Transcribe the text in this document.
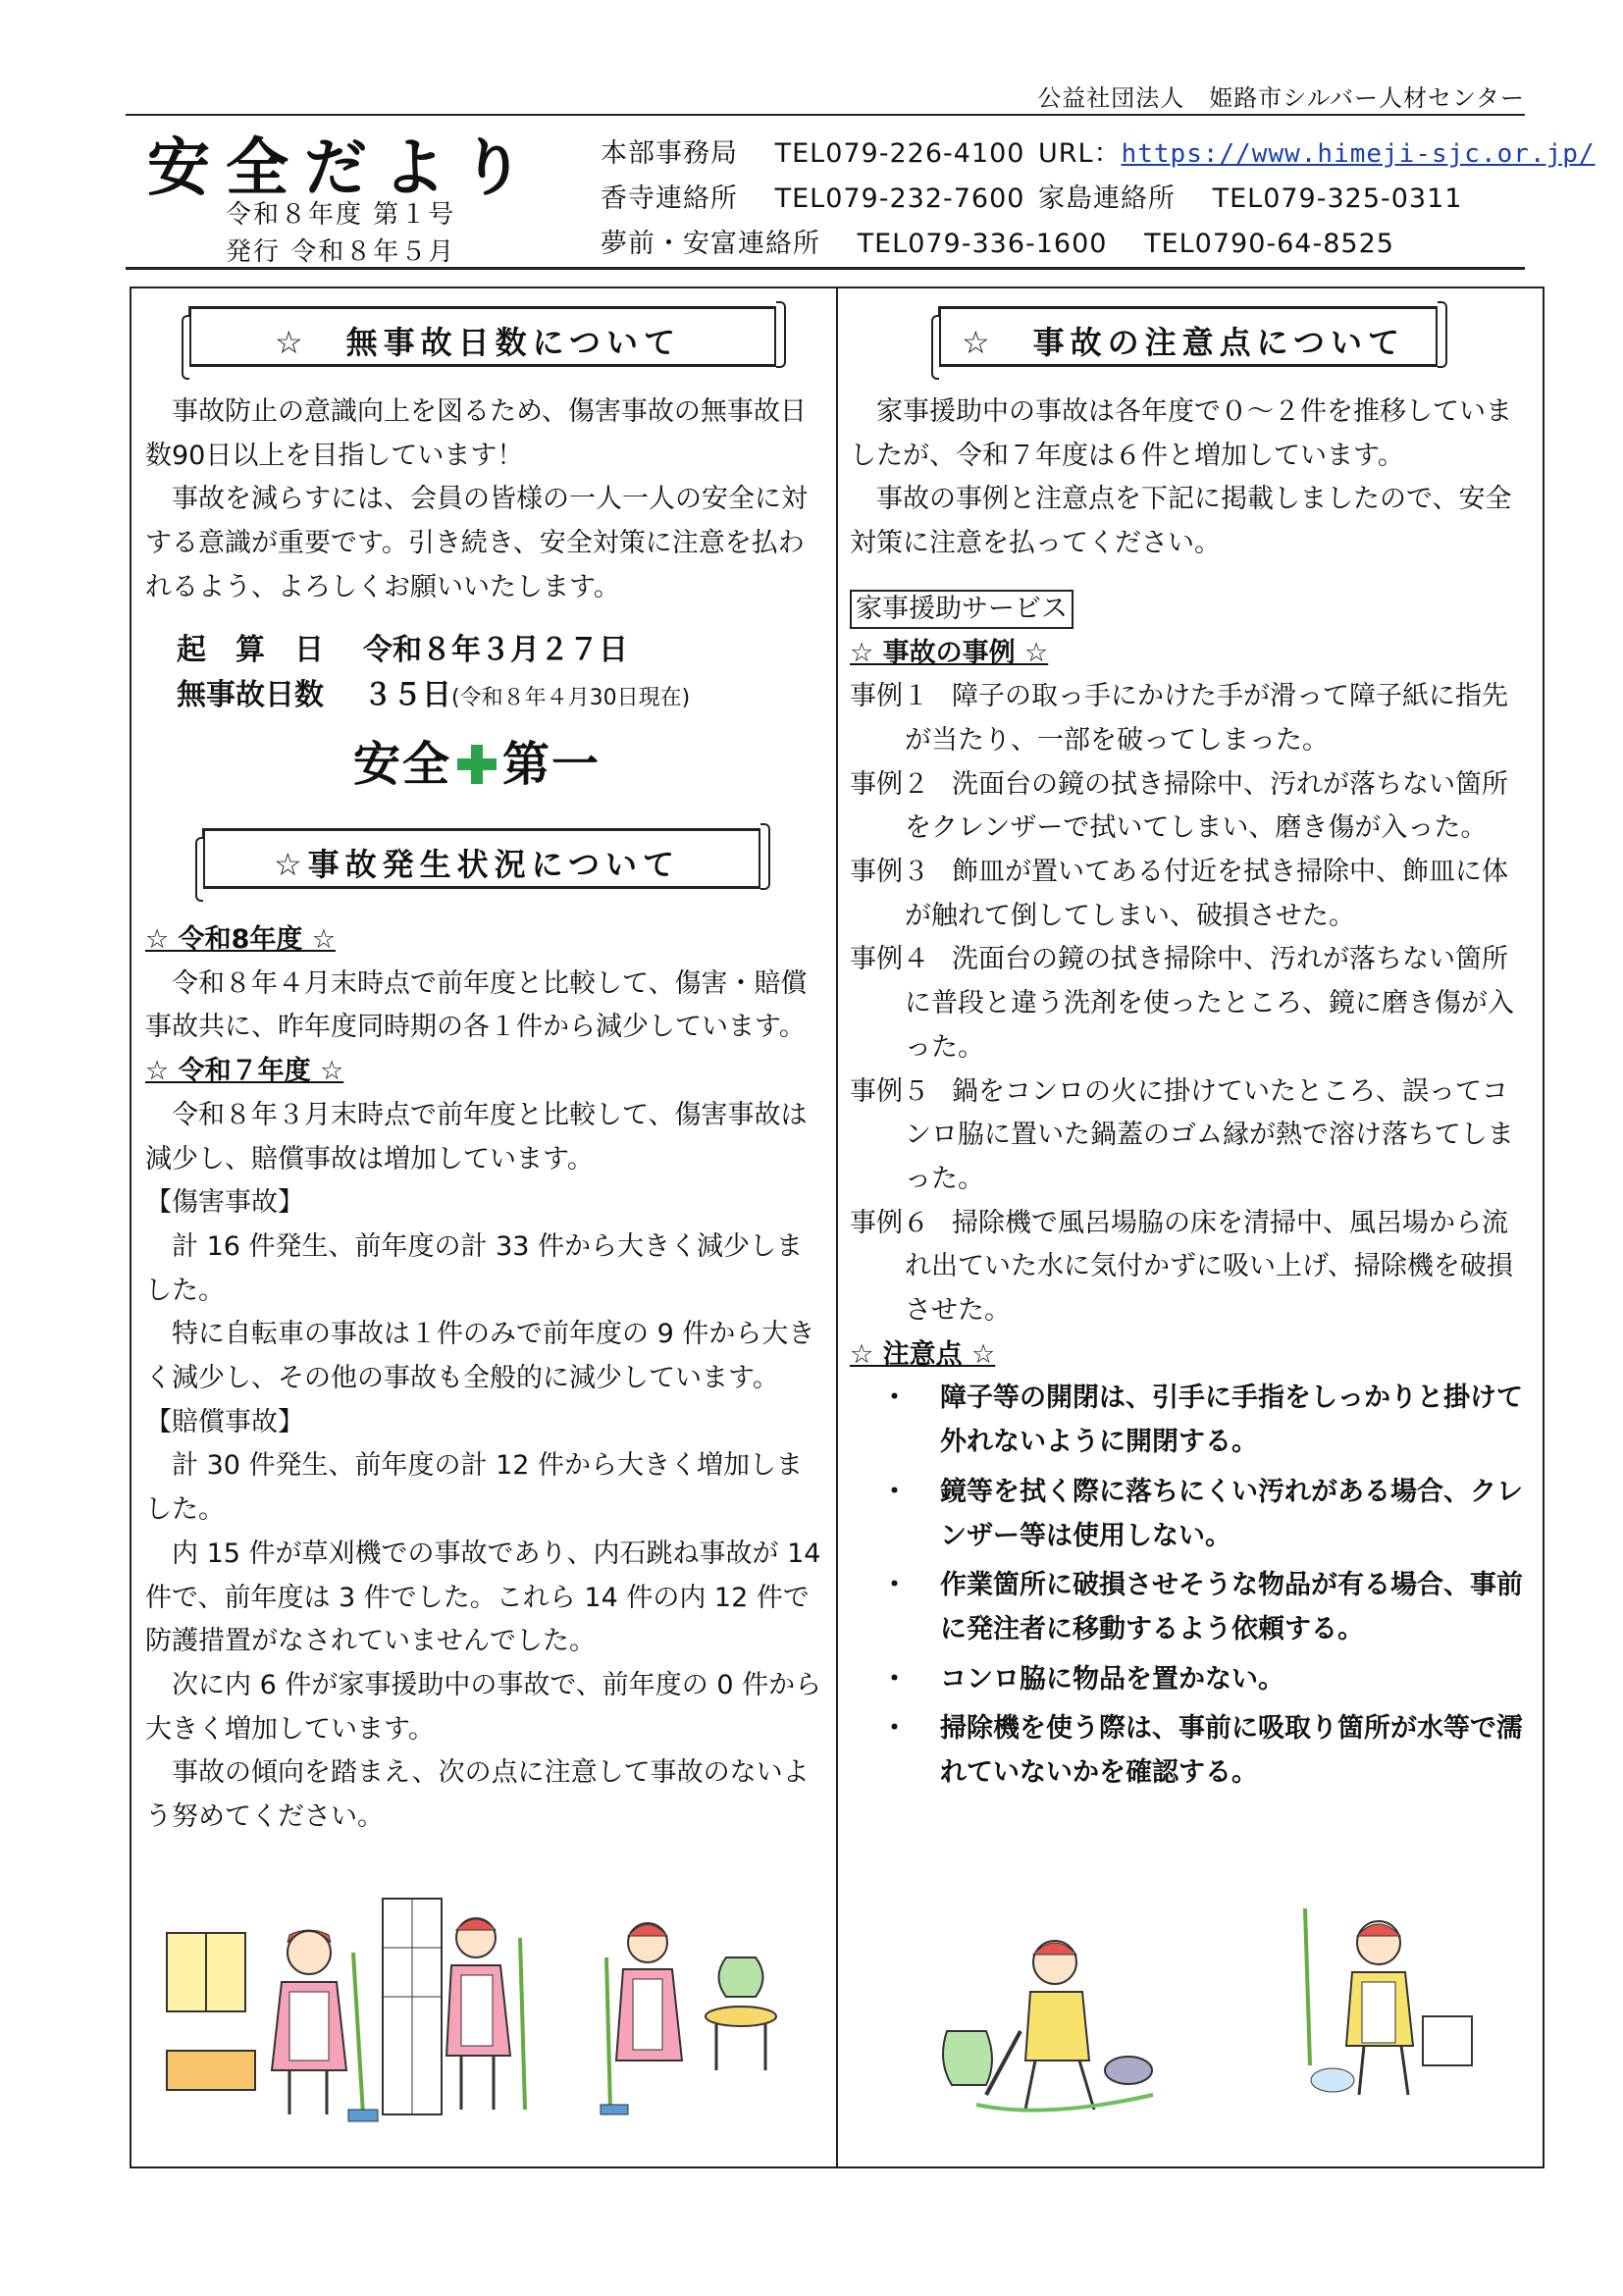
公益社団法人　姫路市シルバー人材センター
安全だより
令和８年度 第１号
発行 令和８年５月
本部事務局 TEL079-226-4100 URL：https://www.himeji-sjc.or.jp/
香寺連絡所 TEL079-232-7600 家島連絡所 TEL079-325-0311
夢前・安富連絡所 TEL079-336-1600 TEL0790-64-8525
☆　無事故日数について

事故防止の意識向上を図るため、傷害事故の無事故日数90日以上を目指しています！

事故を減らすには、会員の皆様の一人一人の安全に対する意識が重要です。引き続き、安全対策に注意を払われるよう、よろしくお願いいたします。

起　算　日 令和８年３月２７日
無事故日数 ３５日(令和８年４月30日現在)
安全 第一
☆事故発生状況について

☆ 令和8年度 ☆

令和８年４月末時点で前年度と比較して、傷害・賠償事故共に、昨年度同時期の各１件から減少しています。

☆ 令和７年度 ☆

令和８年３月末時点で前年度と比較して、傷害事故は減少し、賠償事故は増加しています。

【傷害事故】

計 16 件発生、前年度の計 33 件から大きく減少しました。

特に自転車の事故は１件のみで前年度の 9 件から大きく減少し、その他の事故も全般的に減少しています。

【賠償事故】

計 30 件発生、前年度の計 12 件から大きく増加しました。

内 15 件が草刈機での事故であり、内石跳ね事故が 14 件で、前年度は 3 件でした。これら 14 件の内 12 件で防護措置がなされていませんでした。

次に内 6 件が家事援助中の事故で、前年度の 0 件から大きく増加しています。

事故の傾向を踏まえ、次の点に注意して事故のないよう努めてください。

☆　事故の注意点について

家事援助中の事故は各年度で０～２件を推移していましたが、令和７年度は６件と増加しています。

事故の事例と注意点を下記に掲載しましたので、安全対策に注意を払ってください。

家事援助サービス

☆ 事故の事例 ☆

事例１ 障子の取っ手にかけた手が滑って障子紙に指先が当たり、一部を破ってしまった。

事例２ 洗面台の鏡の拭き掃除中、汚れが落ちない箇所をクレンザーで拭いてしまい、磨き傷が入った。

事例３ 飾皿が置いてある付近を拭き掃除中、飾皿に体が触れて倒してしまい、破損させた。

事例４ 洗面台の鏡の拭き掃除中、汚れが落ちない箇所に普段と違う洗剤を使ったところ、鏡に磨き傷が入った。

事例５ 鍋をコンロの火に掛けていたところ、誤ってコンロ脇に置いた鍋蓋のゴム縁が熱で溶け落ちてしまった。

事例６ 掃除機で風呂場脇の床を清掃中、風呂場から流れ出ていた水に気付かずに吸い上げ、掃除機を破損させた。

☆ 注意点 ☆

・ 障子等の開閉は、引手に手指をしっかりと掛けて外れないように開閉する。

・ 鏡等を拭く際に落ちにくい汚れがある場合、クレンザー等は使用しない。

・ 作業箇所に破損させそうな物品が有る場合、事前に発注者に移動するよう依頼する。

・ コンロ脇に物品を置かない。

・ 掃除機を使う際は、事前に吸取り箇所が水等で濡れていないかを確認する。
